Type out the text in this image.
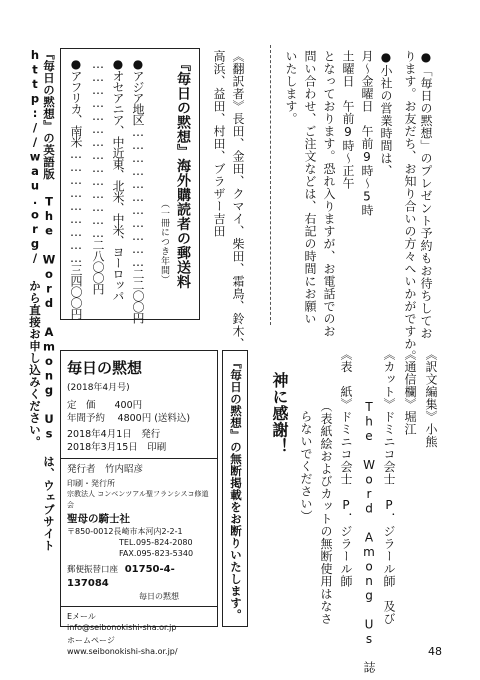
●「毎日の黙想」のプレゼント予約もお待ちしてお
ります。お友だち、お知り合いの方々へいかがですか。
●小社の営業時間は、
月～金曜日　午前9時～5時
土曜日　午前9時～正午
となっております。恐れ入りますが、お電話でのお
問い合わせ、ご注文などは、右記の時間にお願い
いたします。
《翻訳者》長田、金田、クマイ、柴田、霜鳥、鈴木、
高浜、益田、村田、ブラザー吉田
『毎日の黙想』海外購読者の郵送料
（一冊につき年間）
●アジア地区……………………………二二〇〇円
●オセアニア、中近東、北米、中米、ヨーロッパ
……………………………………二八〇〇円
●アフリカ、南米………………………三四〇〇円
『毎日の黙想』の英語版 The Word Among Us は、ウェブサイト http://wau.org/ から直接お申し込みください。	《訳文編集》小熊
《通信欄》堀江
《カット》ドミニコ会士　P．ジラール師　及び
The Word Among Us 誌
《表　紙》ドミニコ会士　P．ジラール師
（表紙絵およびカットの無断使用はなさ
らないでください）
神に感謝！
『毎日の黙想』の無断掲載をお断りいたします。
毎日の黙想
(2018年4月号)
定　価　　400円
年間予約　 4800円 (送料込)
2018年4月1日　発行
2018年3月15日　印刷
発行者　竹内昭彦
印刷・発行所
宗教法人 コンベンツアル聖フランシスコ修道会
聖母の騎士社
〒850-0012長崎市本河内2-2-1
TEL.095-824-2080
FAX.095-823-5340
郵便振替口座 01750-4-137084
毎日の黙想
Eメール
info@seibonokishi-sha.or.jp
ホームページ
www.seibonokishi-sha.or.jp/	48
